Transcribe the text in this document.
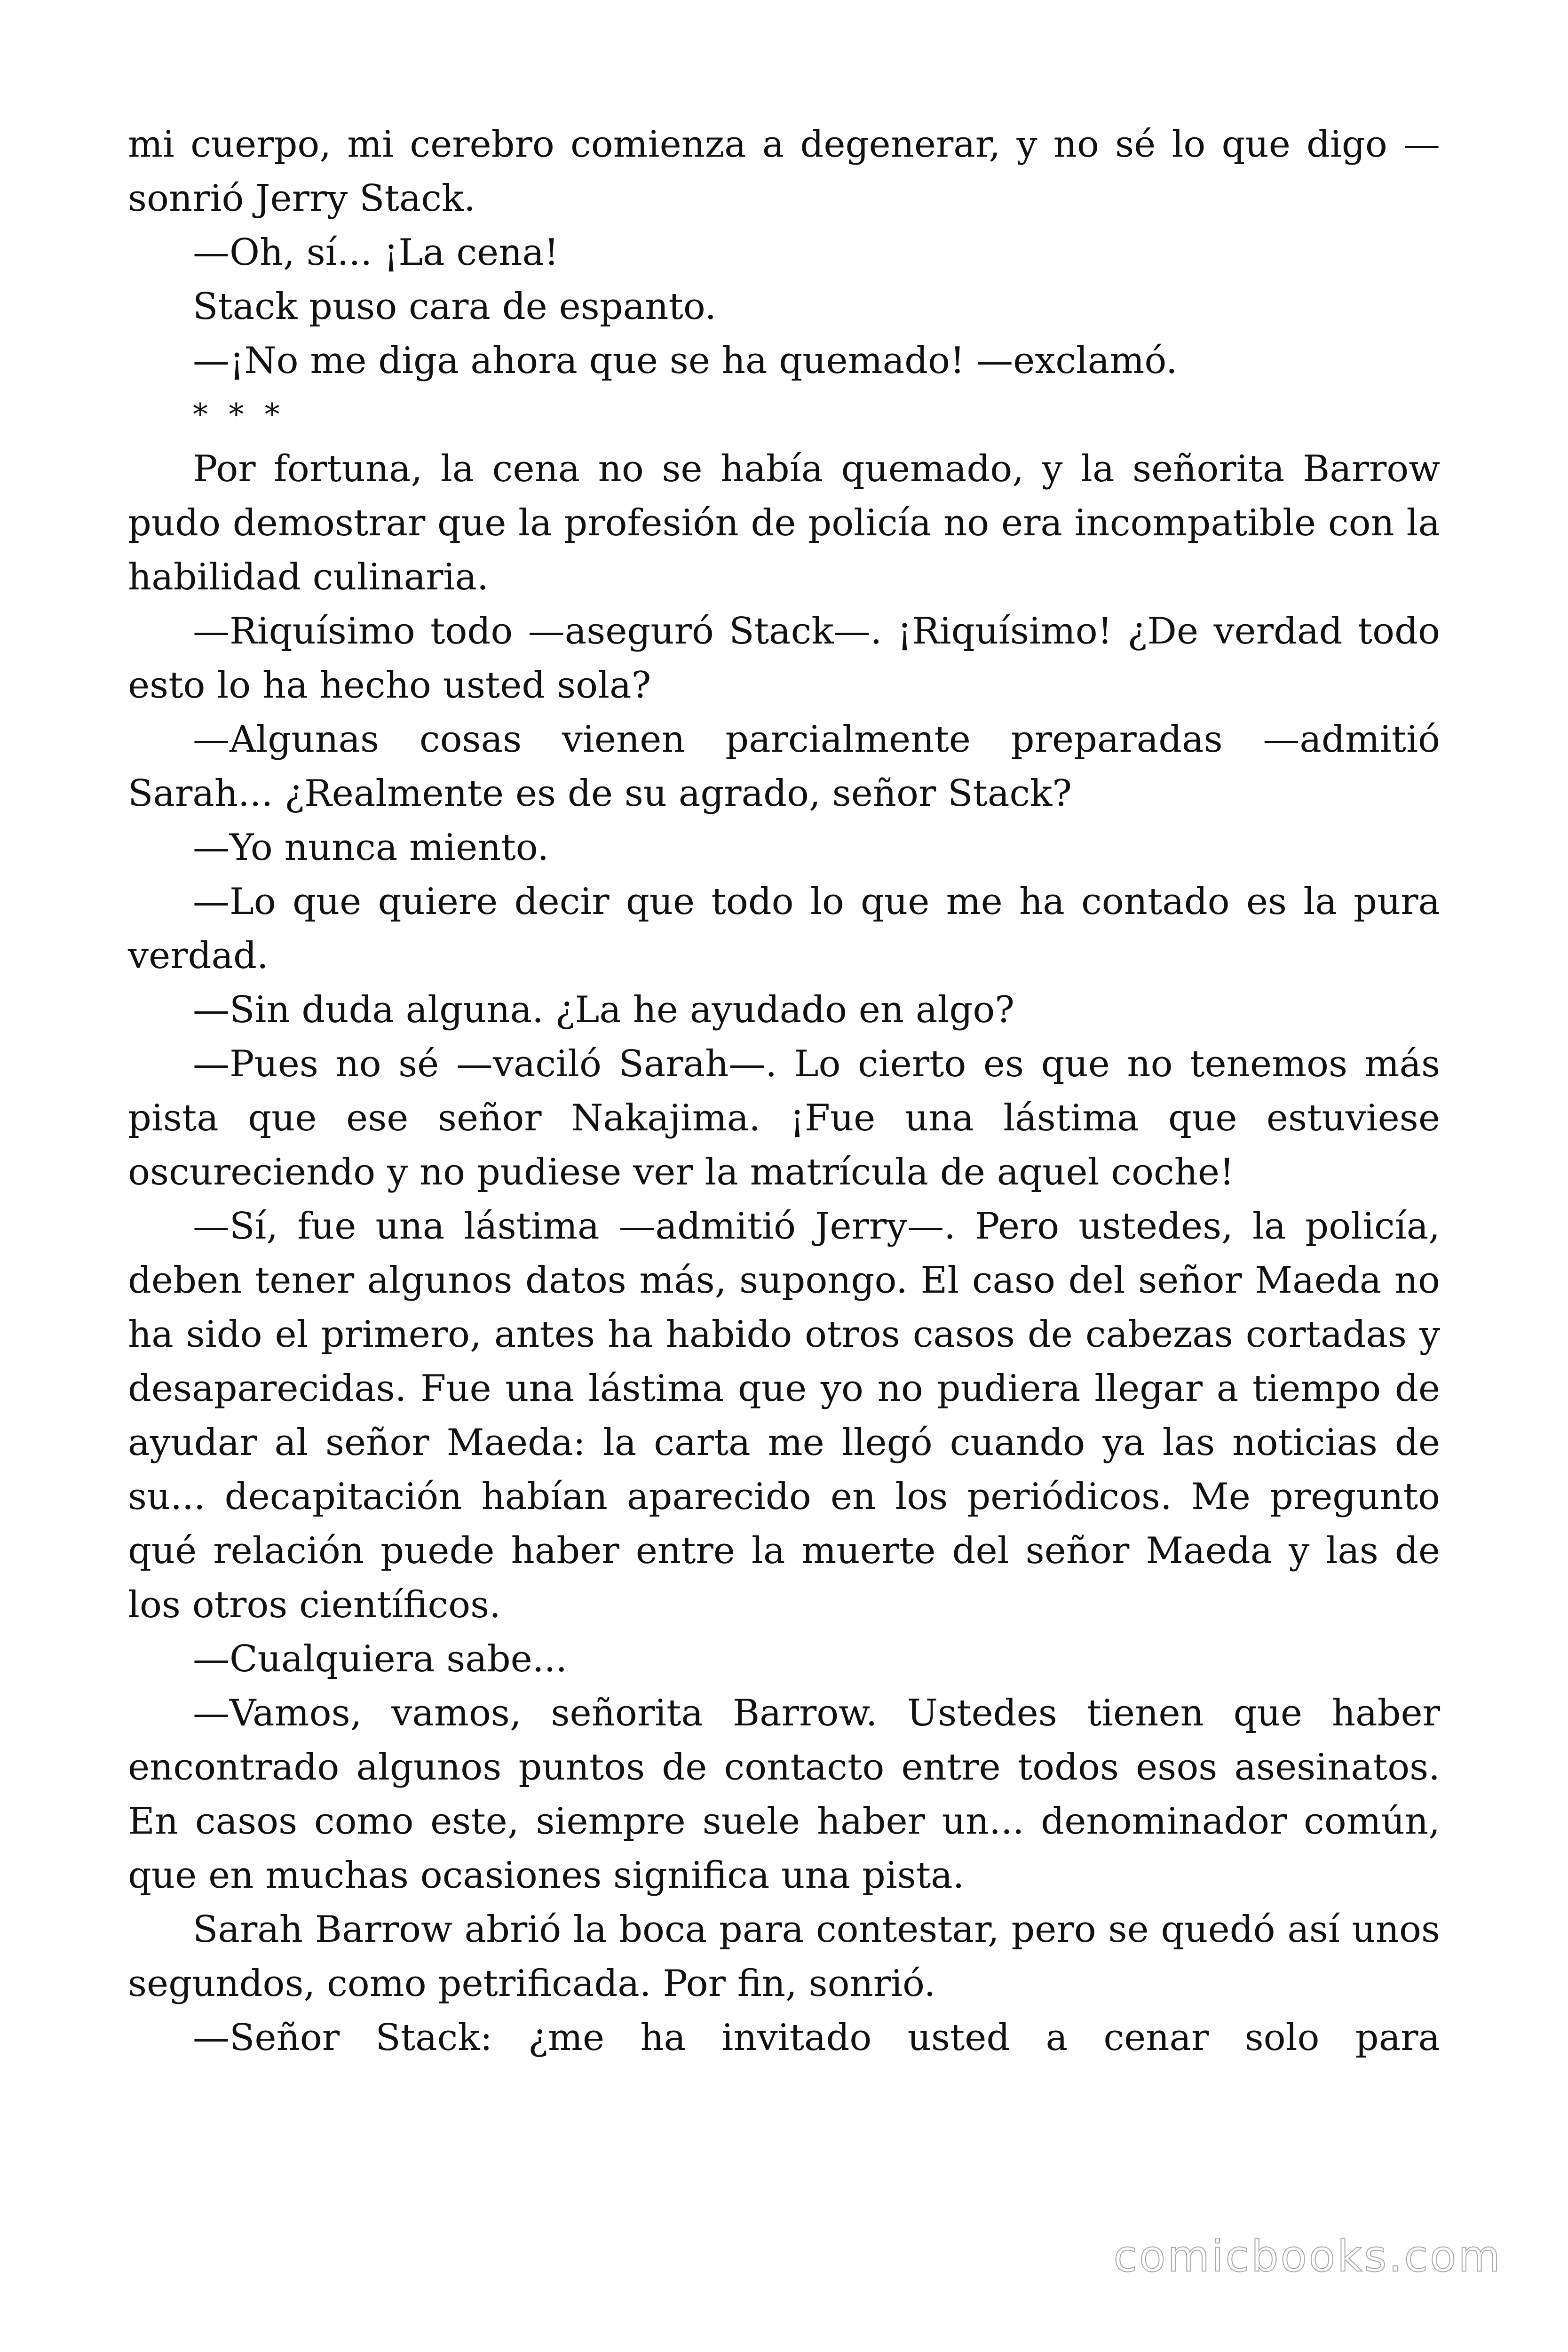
mi cuerpo, mi cerebro comienza a degenerar, y no sé lo que digo —sonrió Jerry Stack.

—Oh, sí... ¡La cena!

Stack puso cara de espanto.

—¡No me diga ahora que se ha quemado! —exclamó.

* * *

Por fortuna, la cena no se había quemado, y la señorita Barrow pudo demostrar que la profesión de policía no era incompatible con la habilidad culinaria.

—Riquísimo todo —aseguró Stack—. ¡Riquísimo! ¿De verdad todo esto lo ha hecho usted sola?

—Algunas cosas vienen parcialmente preparadas —admitió Sarah... ¿Realmente es de su agrado, señor Stack?

—Yo nunca miento.

—Lo que quiere decir que todo lo que me ha contado es la pura verdad.

—Sin duda alguna. ¿La he ayudado en algo?

—Pues no sé —vaciló Sarah—. Lo cierto es que no tenemos más pista que ese señor Nakajima. ¡Fue una lástima que estuviese oscureciendo y no pudiese ver la matrícula de aquel coche!

—Sí, fue una lástima —admitió Jerry—. Pero ustedes, la policía, deben tener algunos datos más, supongo. El caso del señor Maeda no ha sido el primero, antes ha habido otros casos de cabezas cortadas y desaparecidas. Fue una lástima que yo no pudiera llegar a tiempo de ayudar al señor Maeda: la carta me llegó cuando ya las noticias de su... decapitación habían aparecido en los periódicos. Me pregunto qué relación puede haber entre la muerte del señor Maeda y las de los otros científicos.

—Cualquiera sabe...

—Vamos, vamos, señorita Barrow. Ustedes tienen que haber encontrado algunos puntos de contacto entre todos esos asesinatos. En casos como este, siempre suele haber un... denominador común, que en muchas ocasiones significa una pista.

Sarah Barrow abrió la boca para contestar, pero se quedó así unos segundos, como petrificada. Por fin, sonrió.

—Señor Stack: ¿me ha invitado usted a cenar solo para

comicbooks.com
